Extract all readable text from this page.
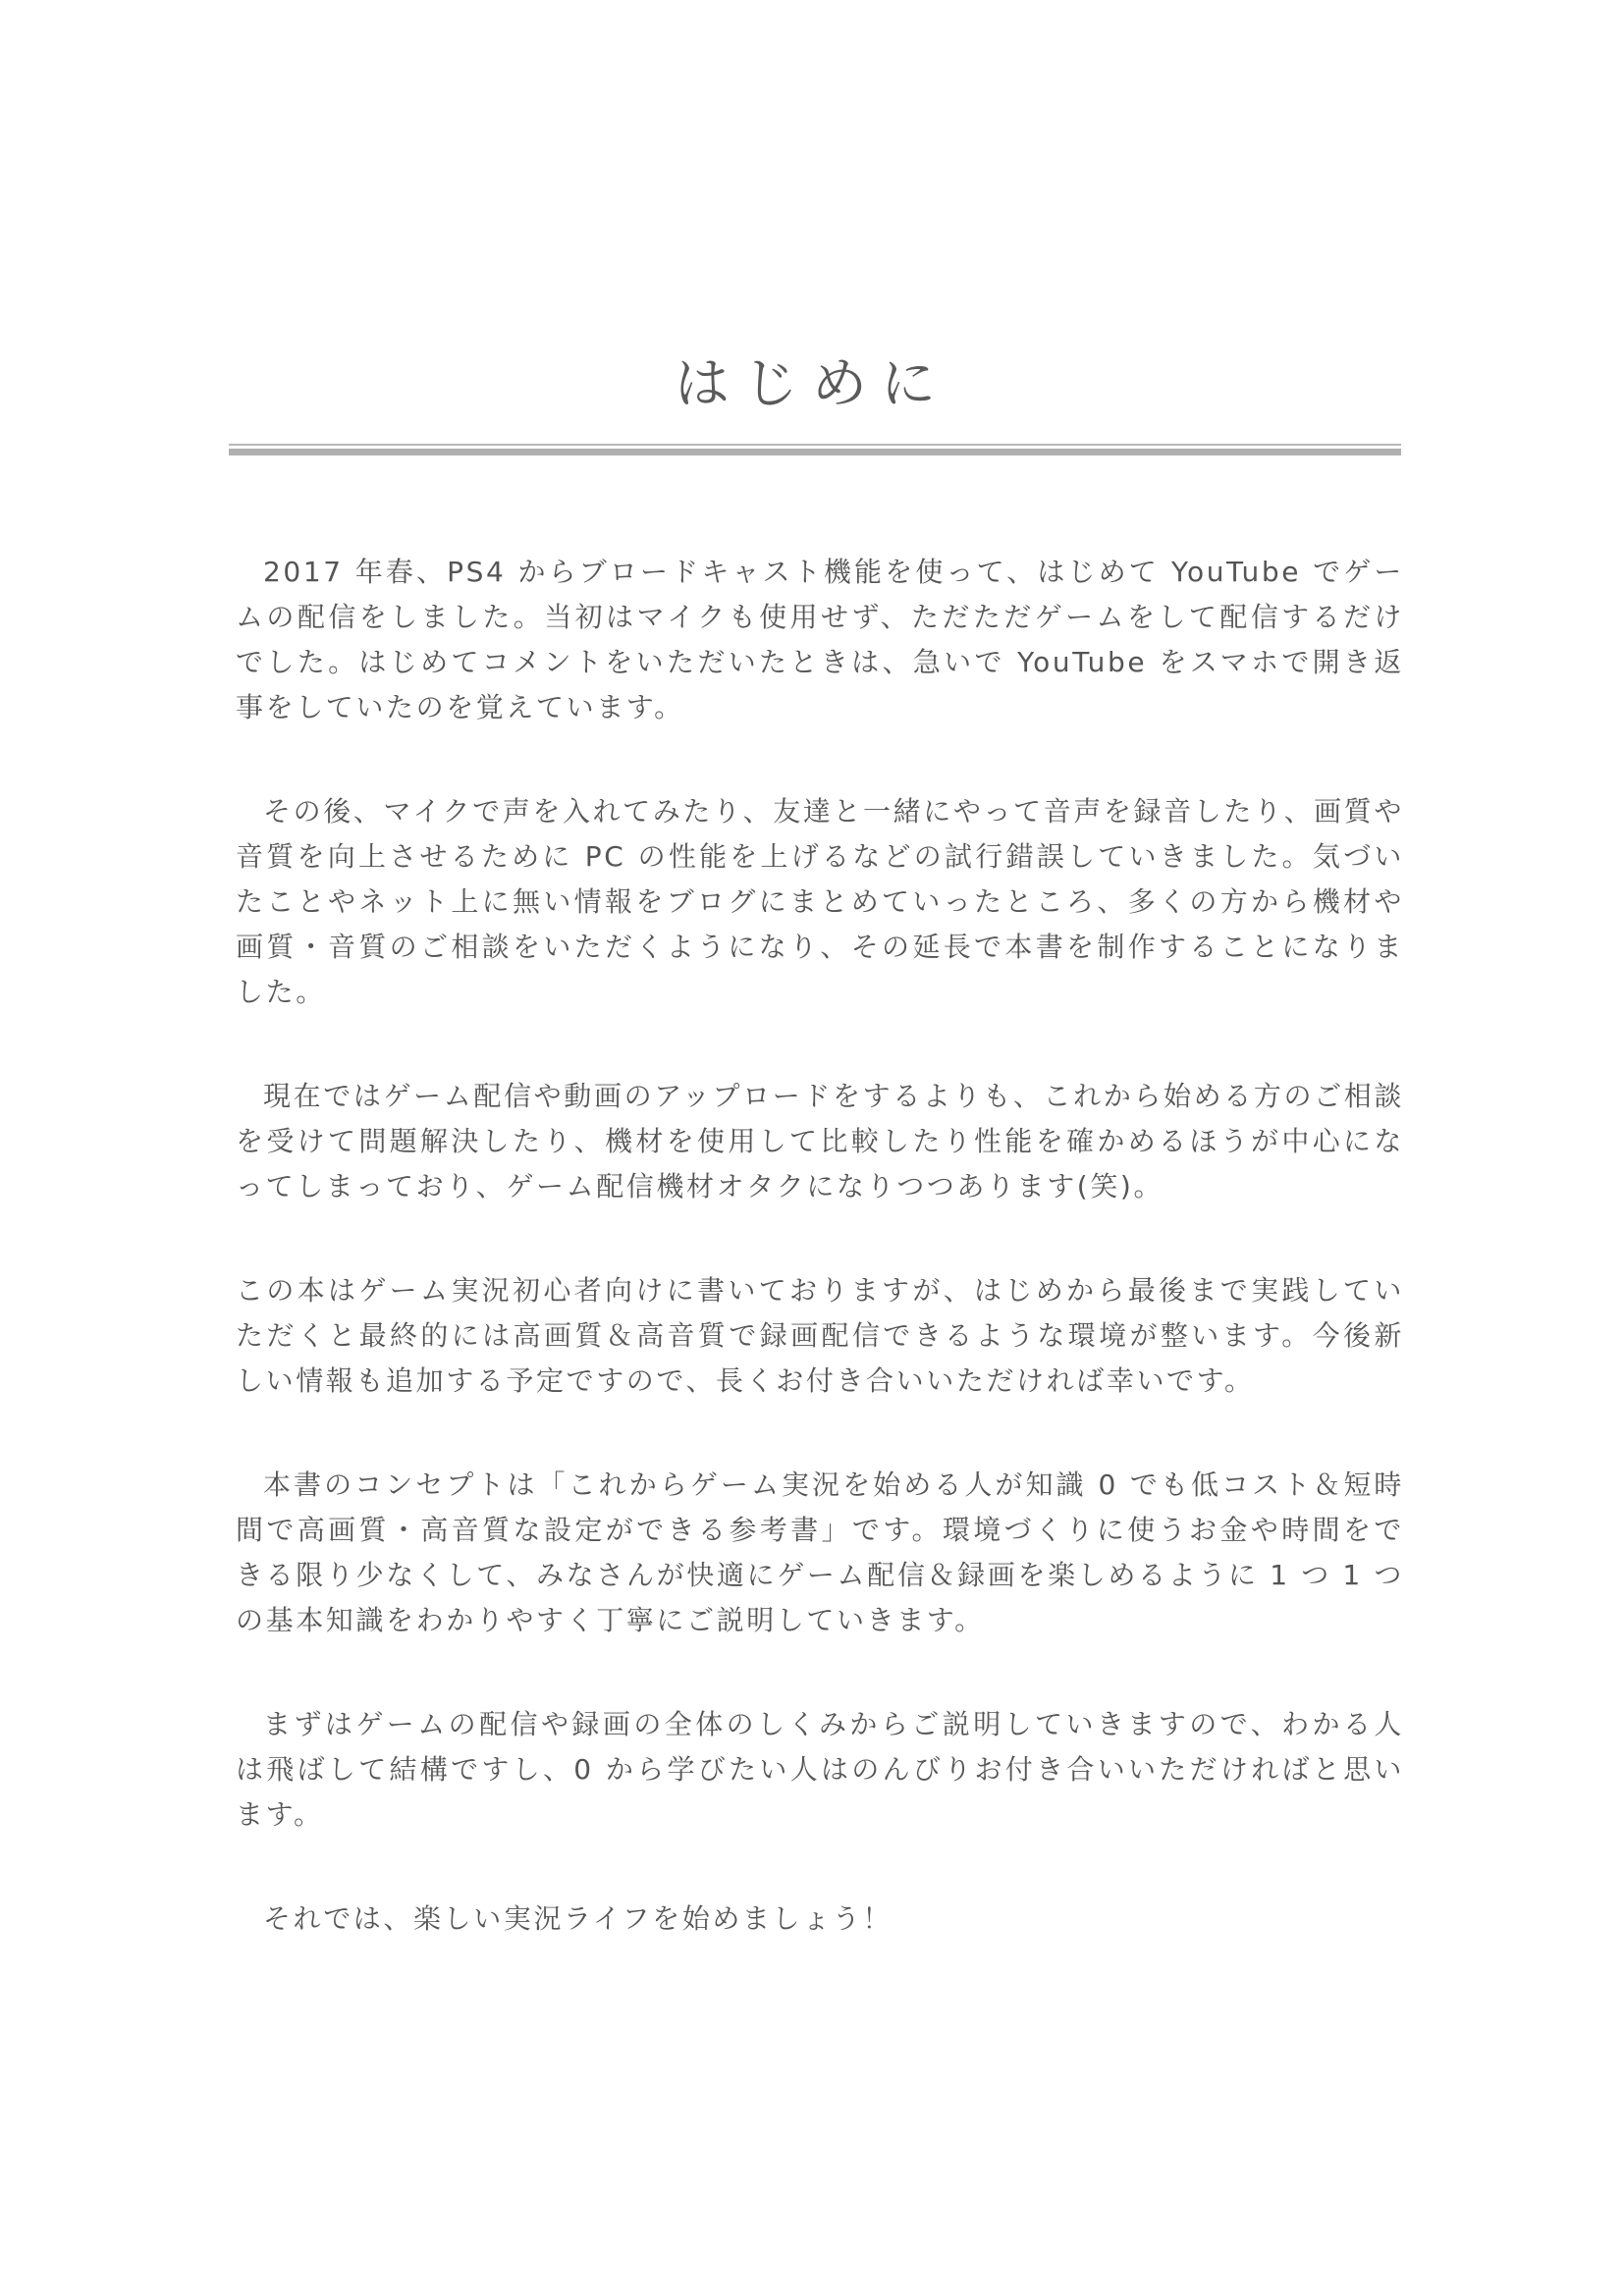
はじめに

2017 年春、PS4 からブロードキャスト機能を使って、はじめて YouTube でゲームの配信をしました。当初はマイクも使用せず、ただただゲームをして配信するだけでした。はじめてコメントをいただいたときは、急いで YouTube をスマホで開き返事をしていたのを覚えています。

その後、マイクで声を入れてみたり、友達と一緒にやって音声を録音したり、画質や音質を向上させるために PC の性能を上げるなどの試行錯誤していきました。気づいたことやネット上に無い情報をブログにまとめていったところ、多くの方から機材や画質・音質のご相談をいただくようになり、その延長で本書を制作することになりました。

現在ではゲーム配信や動画のアップロードをするよりも、これから始める方のご相談を受けて問題解決したり、機材を使用して比較したり性能を確かめるほうが中心になってしまっており、ゲーム配信機材オタクになりつつあります(笑)。

この本はゲーム実況初心者向けに書いておりますが、はじめから最後まで実践していただくと最終的には高画質＆高音質で録画配信できるような環境が整います。今後新しい情報も追加する予定ですので、長くお付き合いいただければ幸いです。

本書のコンセプトは「これからゲーム実況を始める人が知識 0 でも低コスト＆短時間で高画質・高音質な設定ができる参考書」です。環境づくりに使うお金や時間をできる限り少なくして、みなさんが快適にゲーム配信＆録画を楽しめるように 1 つ 1 つの基本知識をわかりやすく丁寧にご説明していきます。

まずはゲームの配信や録画の全体のしくみからご説明していきますので、わかる人は飛ばして結構ですし、0 から学びたい人はのんびりお付き合いいただければと思います。

それでは、楽しい実況ライフを始めましょう！
